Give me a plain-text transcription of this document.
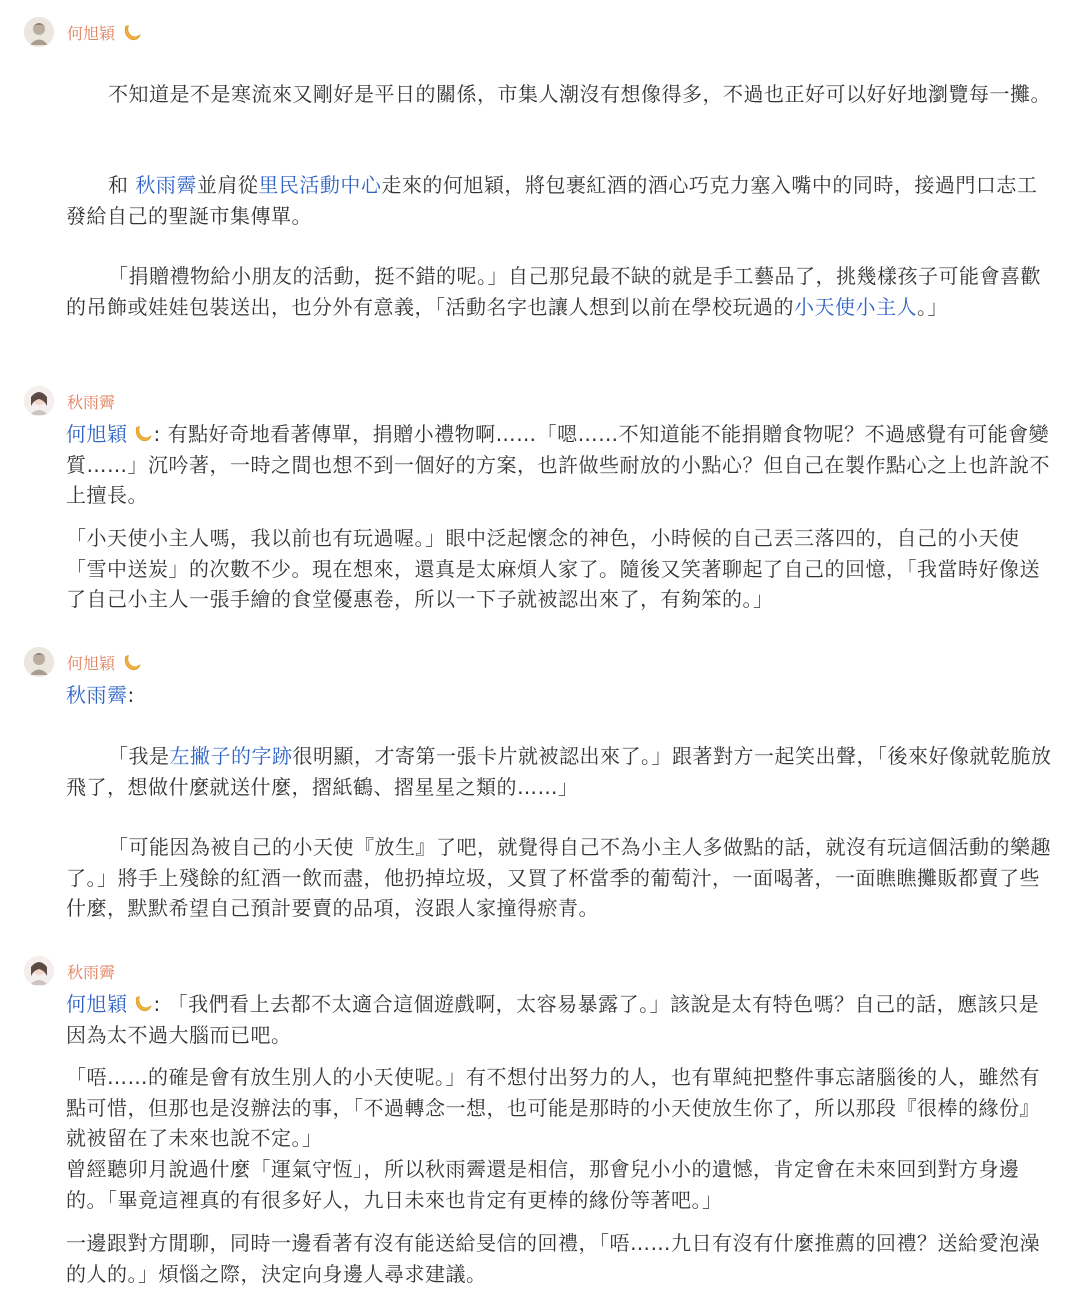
何旭穎

不知道是不是寒流來又剛好是平日的關係，市集人潮沒有想像得多，不過也正好可以好好地瀏覽每一攤。

和 秋雨霽並肩從里民活動中心走來的何旭穎，將包裹紅酒的酒心巧克力塞入嘴中的同時，接過門口志工發給自己的聖誕市集傳單。

「捐贈禮物給小朋友的活動，挺不錯的呢。」自己那兒最不缺的就是手工藝品了，挑幾樣孩子可能會喜歡的吊飾或娃娃包裝送出，也分外有意義，「活動名字也讓人想到以前在學校玩過的小天使小主人。」

秋雨霽

何旭穎 : 有點好奇地看著傳單，捐贈小禮物啊……「嗯……不知道能不能捐贈食物呢？不過感覺有可能會變質……」沉吟著，一時之間也想不到一個好的方案，也許做些耐放的小點心？但自己在製作點心之上也許說不上擅長。

「小天使小主人嗎，我以前也有玩過喔。」眼中泛起懷念的神色，小時候的自己丟三落四的，自己的小天使「雪中送炭」的次數不少。現在想來，還真是太麻煩人家了。隨後又笑著聊起了自己的回憶，「我當時好像送了自己小主人一張手繪的食堂優惠卷，所以一下子就被認出來了，有夠笨的。」

何旭穎

秋雨霽:

「我是左撇子的字跡很明顯，才寄第一張卡片就被認出來了。」跟著對方一起笑出聲，「後來好像就乾脆放飛了，想做什麼就送什麼，摺紙鶴、摺星星之類的……」

「可能因為被自己的小天使『放生』了吧，就覺得自己不為小主人多做點的話，就沒有玩這個活動的樂趣了。」將手上殘餘的紅酒一飲而盡，他扔掉垃圾，又買了杯當季的葡萄汁，一面喝著，一面瞧瞧攤販都賣了些什麼，默默希望自己預計要賣的品項，沒跟人家撞得瘀青。

秋雨霽

何旭穎 : 「我們看上去都不太適合這個遊戲啊，太容易暴露了。」該說是太有特色嗎？自己的話，應該只是因為太不過大腦而已吧。

「唔……的確是會有放生別人的小天使呢。」有不想付出努力的人，也有單純把整件事忘諸腦後的人，雖然有點可惜，但那也是沒辦法的事，「不過轉念一想，也可能是那時的小天使放生你了，所以那段『很棒的緣份』就被留在了未來也說不定。」

曾經聽卯月說過什麼「運氣守恆」，所以秋雨霽還是相信，那會兒小小的遺憾，肯定會在未來回到對方身邊的。「畢竟這裡真的有很多好人，九日未來也肯定有更棒的緣份等著吧。」

一邊跟對方閒聊，同時一邊看著有沒有能送給旻信的回禮，「唔……九日有沒有什麼推薦的回禮？送給愛泡澡的人的。」煩惱之際，決定向身邊人尋求建議。
